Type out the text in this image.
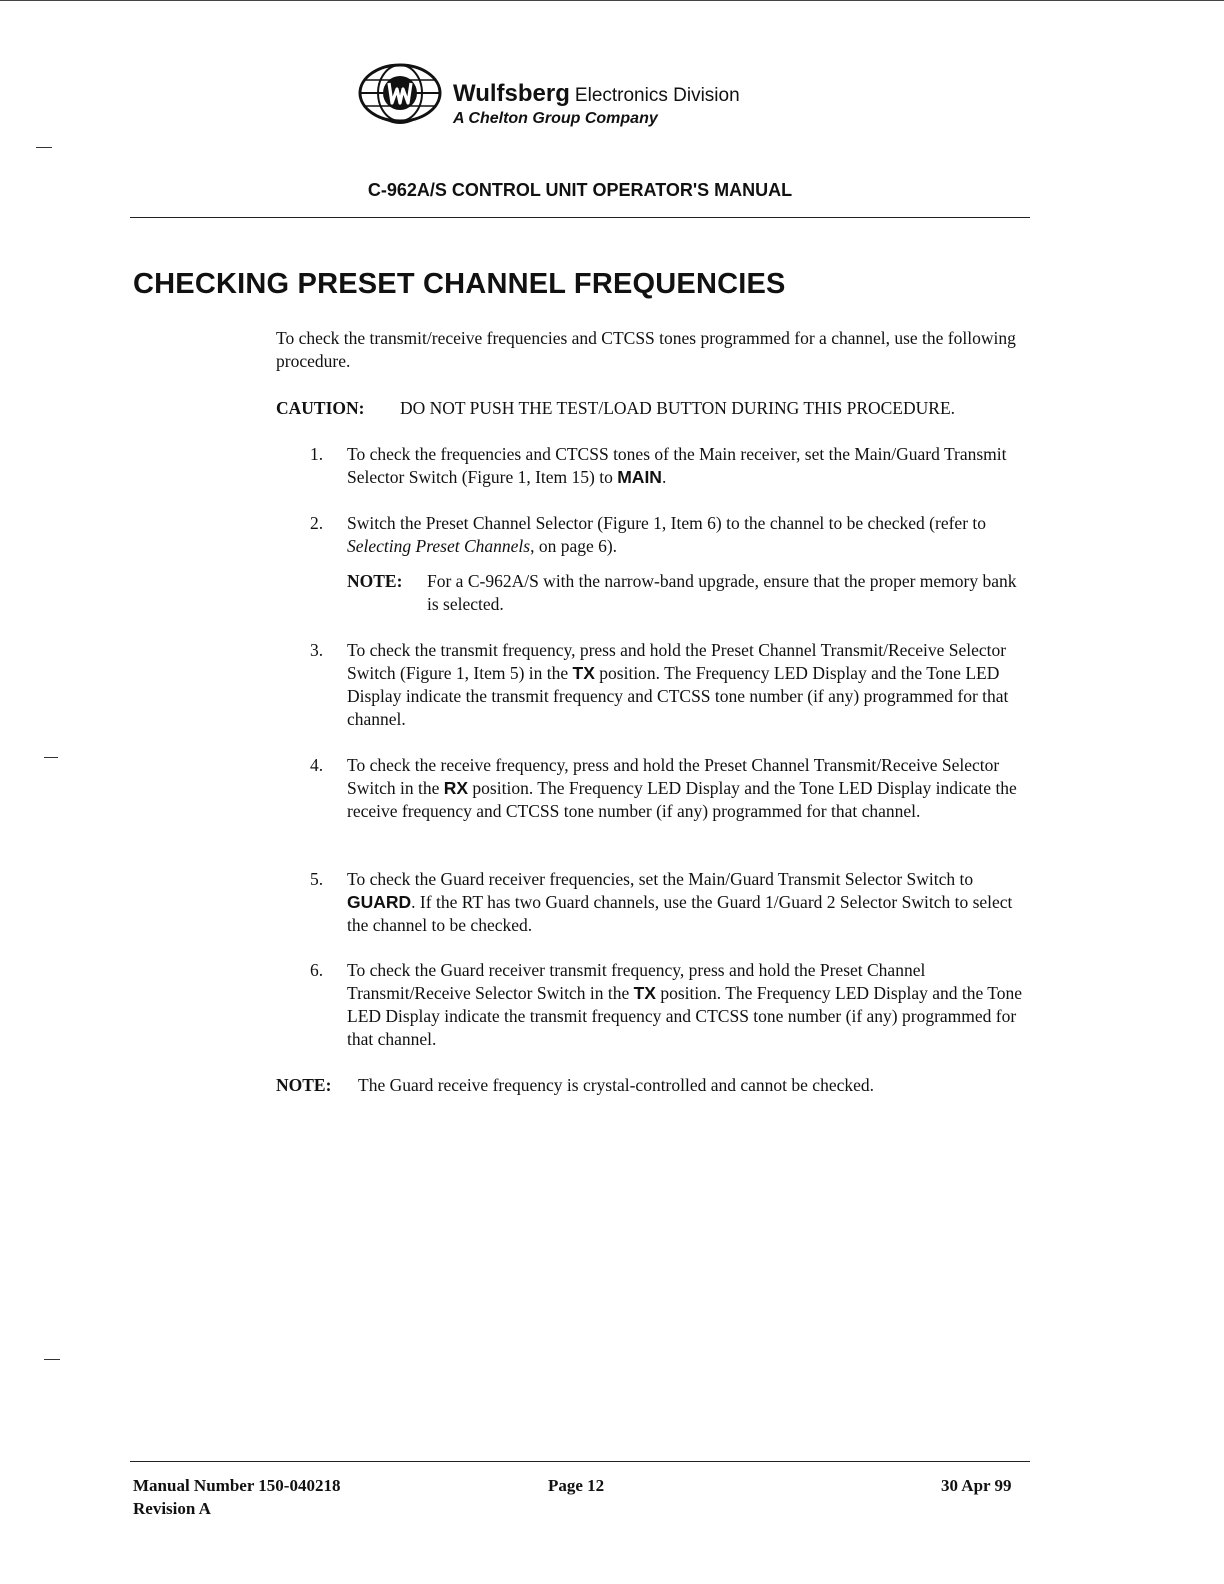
Wulfsberg Electronics Division
A Chelton Group Company
C-962A/S CONTROL UNIT OPERATOR'S MANUAL
CHECKING PRESET CHANNEL FREQUENCIES
To check the transmit/receive frequencies and CTCSS tones programmed for a channel, use the following procedure.
CAUTION: DO NOT PUSH THE TEST/LOAD BUTTON DURING THIS PROCEDURE.
1. To check the frequencies and CTCSS tones of the Main receiver, set the Main/Guard Transmit Selector Switch (Figure 1, Item 15) to MAIN.
2. Switch the Preset Channel Selector (Figure 1, Item 6) to the channel to be checked (refer to Selecting Preset Channels, on page 6).
NOTE: For a C-962A/S with the narrow-band upgrade, ensure that the proper memory bank is selected.
3. To check the transmit frequency, press and hold the Preset Channel Transmit/Receive Selector Switch (Figure 1, Item 5) in the TX position. The Frequency LED Display and the Tone LED Display indicate the transmit frequency and CTCSS tone number (if any) programmed for that channel.
4. To check the receive frequency, press and hold the Preset Channel Transmit/Receive Selector Switch in the RX position. The Frequency LED Display and the Tone LED Display indicate the receive frequency and CTCSS tone number (if any) programmed for that channel.
5. To check the Guard receiver frequencies, set the Main/Guard Transmit Selector Switch to GUARD. If the RT has two Guard channels, use the Guard 1/Guard 2 Selector Switch to select the channel to be checked.
6. To check the Guard receiver transmit frequency, press and hold the Preset Channel Transmit/Receive Selector Switch in the TX position. The Frequency LED Display and the Tone LED Display indicate the transmit frequency and CTCSS tone number (if any) programmed for that channel.
NOTE: The Guard receive frequency is crystal-controlled and cannot be checked.
Manual Number 150-040218
Revision A
Page 12	30 Apr 99
